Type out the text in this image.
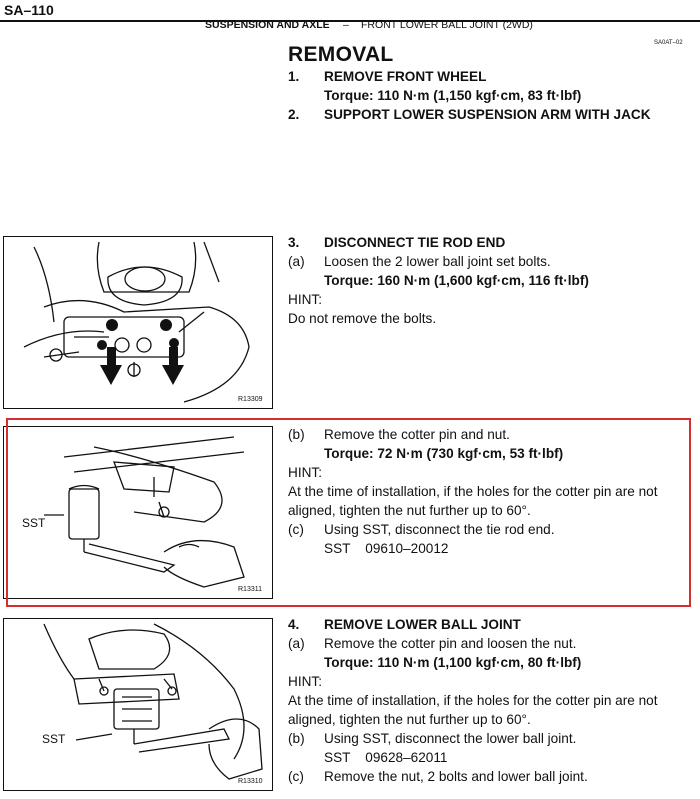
SA–110
SUSPENSION AND AXLE – FRONT LOWER BALL JOINT (2WD)
SA0AT–02
REMOVAL
1. REMOVE FRONT WHEEL
Torque: 110 N·m (1,150 kgf·cm, 83 ft·lbf)
2. SUPPORT LOWER SUSPENSION ARM WITH JACK
3. DISCONNECT TIE ROD END
(a) Loosen the 2 lower ball joint set bolts.
Torque: 160 N·m (1,600 kgf·cm, 116 ft·lbf)
HINT:
Do not remove the bolts.
(b) Remove the cotter pin and nut.
Torque: 72 N·m (730 kgf·cm, 53 ft·lbf)
HINT:
At the time of installation, if the holes for the cotter pin are not
aligned, tighten the nut further up to 60°.
(c) Using SST, disconnect the tie rod end.
SST    09610–20012
4. REMOVE LOWER BALL JOINT
(a) Remove the cotter pin and loosen the nut.
Torque: 110 N·m (1,100 kgf·cm, 80 ft·lbf)
HINT:
At the time of installation, if the holes for the cotter pin are not
aligned, tighten the nut further up to 60°.
(b) Using SST, disconnect the lower ball joint.
SST    09628–62011
(c) Remove the nut, 2 bolts and lower ball joint.
R13309
SST
R13311
SST
R13310
